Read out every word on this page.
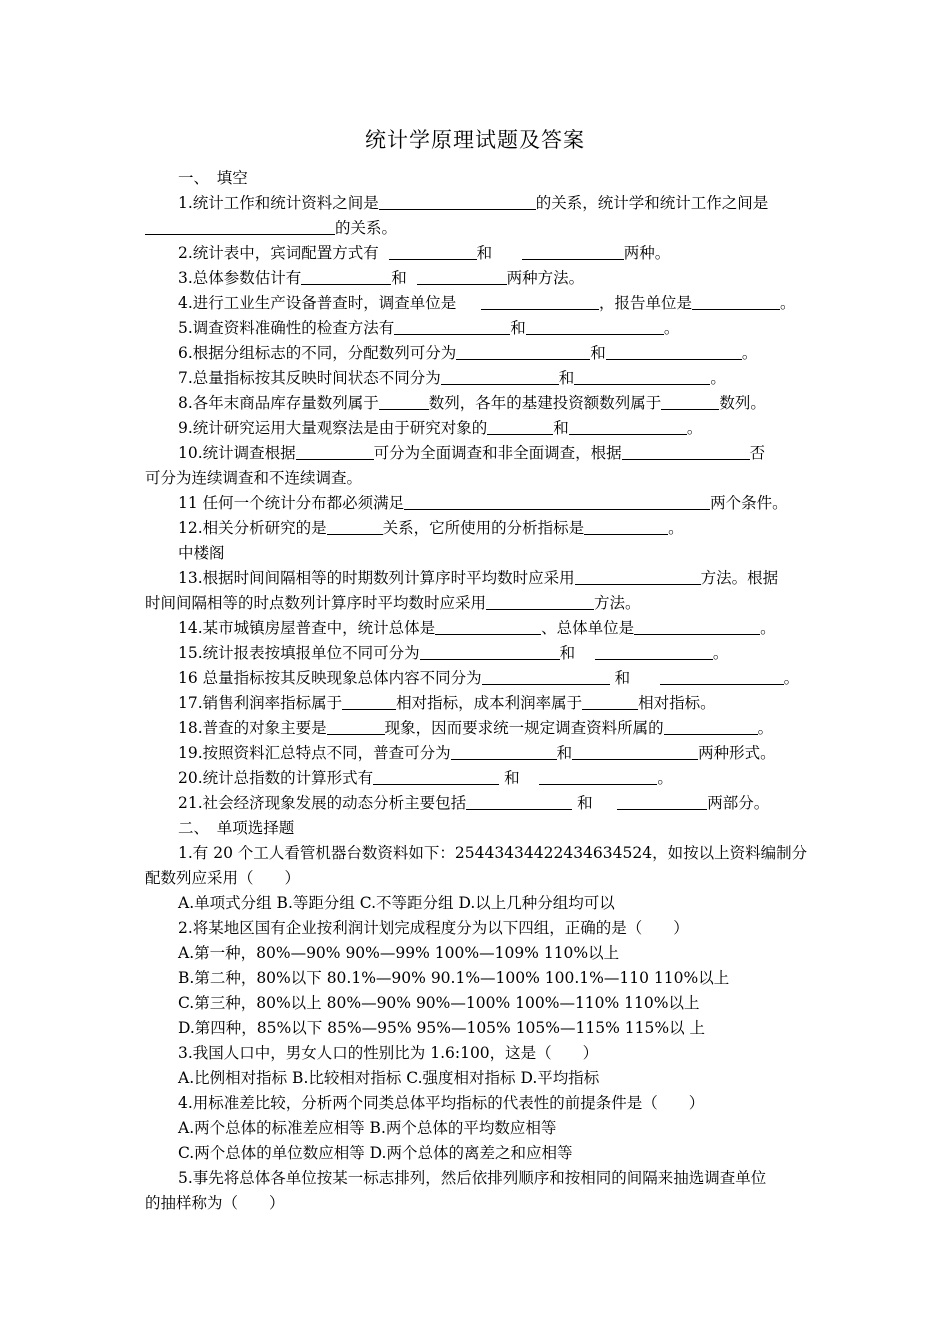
统计学原理试题及答案
一、　填空
1.统计工作和统计资料之间是	的关系，统计学和统计工作之间是
的关系。
2.统计表中，宾词配置方式有	和	两种。
3.总体参数估计有	和	两种方法。
4.进行工业生产设备普查时，调查单位是	，报告单位是	。
5.调查资料准确性的检查方法有	和	。
6.根据分组标志的不同，分配数列可分为	和	。
7.总量指标按其反映时间状态不同分为	和	。
8.各年末商品库存量数列属于	数列，各年的基建投资额数列属于	数列。
9.统计研究运用大量观察法是由于研究对象的	和	。
10.统计调查根据	可分为全面调查和非全面调查，根据	否
可分为连续调查和不连续调查。
11 任何一个统计分布都必须满足	两个条件。
12.相关分析研究的是	关系，它所使用的分析指标是	。
中楼阁
13.根据时间间隔相等的时期数列计算序时平均数时应采用	方法。根据
时间间隔相等的时点数列计算序时平均数时应采用	方法。
14.某市城镇房屋普查中，统计总体是	、总体单位是	。
15.统计报表按填报单位不同可分为	和	。
16 总量指标按其反映现象总体内容不同分为	和	。
17.销售利润率指标属于	相对指标，成本利润率属于	相对指标。
18.普查的对象主要是	现象，因而要求统一规定调查资料所属的	。
19.按照资料汇总特点不同，普查可分为	和	两种形式。
20.统计总指数的计算形式有	和	。
21.社会经济现象发展的动态分析主要包括	和	两部分。
二、　单项选择题
1.有 20 个工人看管机器台数资料如下：25443434422434634524，如按以上资料编制分
配数列应采用（　　）
A.单项式分组 B.等距分组 C.不等距分组 D.以上几种分组均可以
2.将某地区国有企业按利润计划完成程度分为以下四组，正确的是（　　）
A.第一种，80%—90% 90%—99% 100%—109% 110%以上
B.第二种，80%以下 80.1%—90% 90.1%—100% 100.1%—110 110%以上
C.第三种，80%以上 80%—90% 90%—100% 100%—110% 110%以上
D.第四种，85%以下 85%—95% 95%—105% 105%—115% 115%以 上
3.我国人口中，男女人口的性别比为 1.6:100，这是（　　）
A.比例相对指标 B.比较相对指标 C.强度相对指标 D.平均指标
4.用标准差比较，分析两个同类总体平均指标的代表性的前提条件是（　　）
A.两个总体的标准差应相等 B.两个总体的平均数应相等
C.两个总体的单位数应相等 D.两个总体的离差之和应相等
5.事先将总体各单位按某一标志排列，然后依排列顺序和按相同的间隔来抽选调查单位
的抽样称为（　　）
